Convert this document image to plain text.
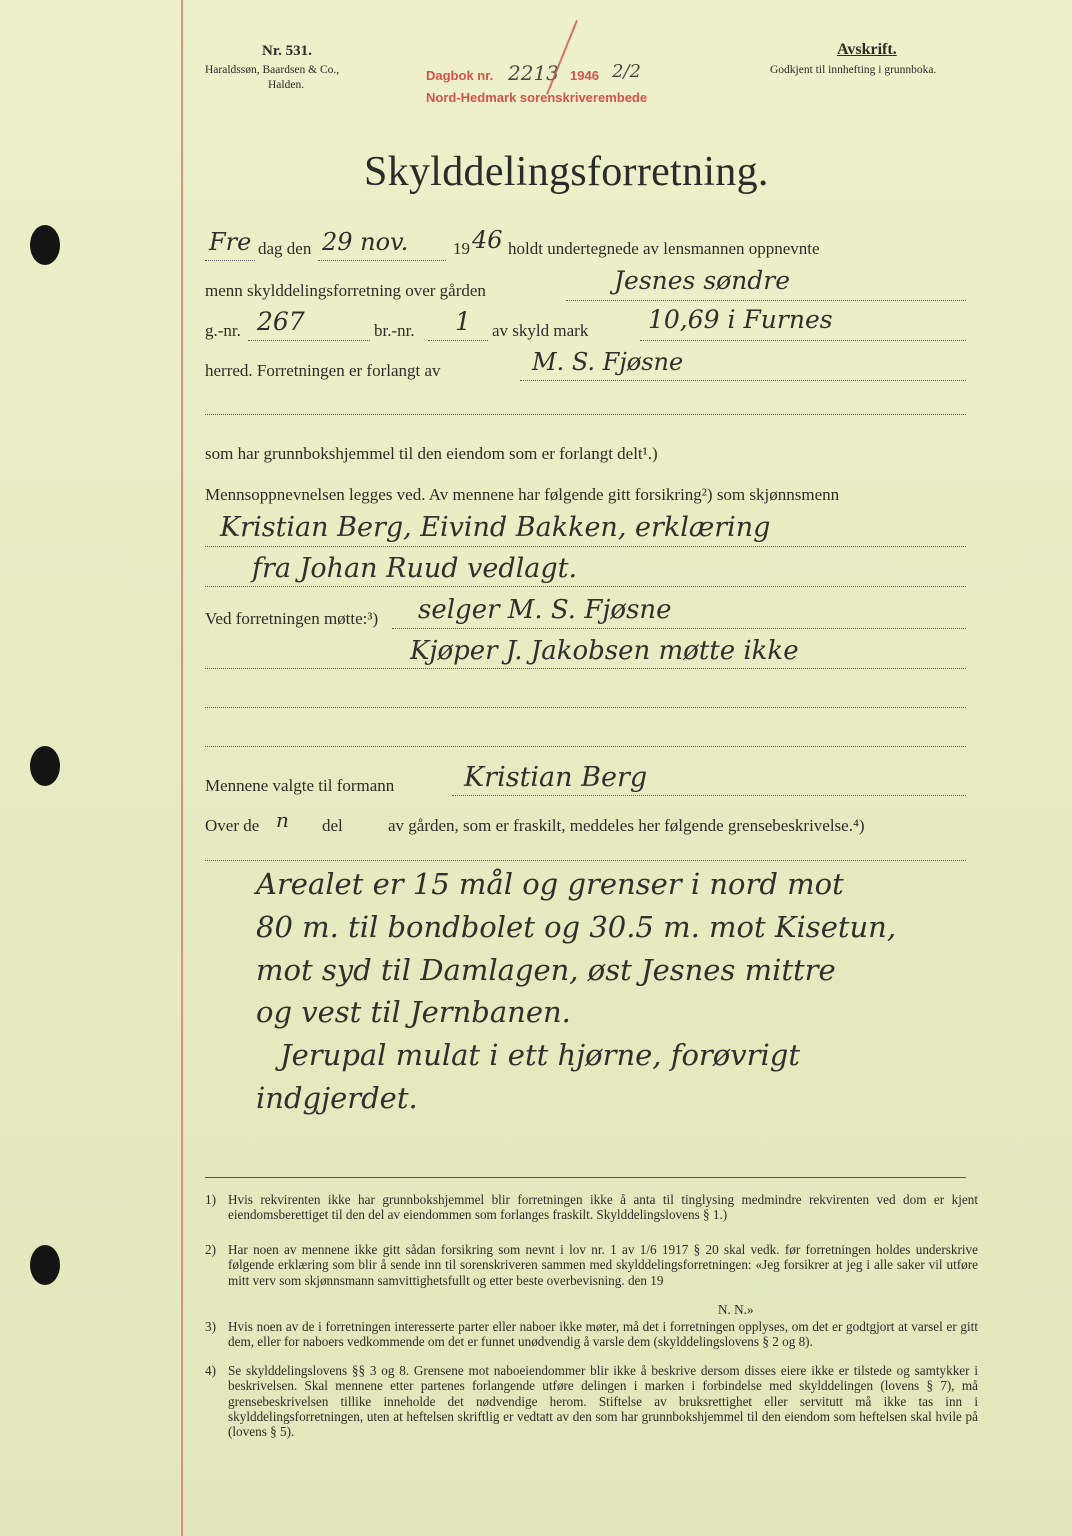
Nr. 531.
Haraldssøn, Baardsen & Co.,
Halden.
Dagbok nr. 2213 1946 2/2
Nord-Hedmark sorenskriverembede
Avskrift.
Godkjent til innhefting i grunnboka.
Skylddelingsforretning.
Fre dag den 29 nov.	19 46 holdt undertegnede av lensmannen oppnevnte
menn skylddelingsforretning over gården	Jesnes søndre
g.-nr. 267	br.-nr. 1 av skyld mark 10,69 i Furnes
herred. Forretningen er forlangt av	M. S. Fjøsne
som har grunnbokshjemmel til den eiendom som er forlangt delt¹.)
Mennsoppnevnelsen legges ved. Av mennene har følgende gitt forsikring²) som skjønnsmenn
Kristian Berg, Eivind Bakken, erklæring
fra Johan Ruud vedlagt.
Ved forretningen møtte:³) selger M. S. Fjøsne
Kjøper J. Jakobsen møtte ikke
Mennene valgte til formann	Kristian Berg
Over de n del	av gården, som er fraskilt, meddeles her følgende grensebeskrivelse.⁴)
Arealet er 15 mål og grenser i nord mot
80 m. til bondbolet og 30.5 m. mot Kisetun,
mot syd til Damlagen, øst Jesnes mittre
og vest til Jernbanen.
Jerupal mulat i ett hjørne, forøvrigt
indgjerdet.
1) Hvis rekvirenten ikke har grunnbokshjemmel blir forretningen ikke å anta til tinglysing medmindre rekvirenten ved dom er kjent eiendomsberettiget til den del av eiendommen som forlanges fraskilt. Skylddelingslovens § 1.)
2) Har noen av mennene ikke gitt sådan forsikring som nevnt i lov nr. 1 av 1/6 1917 § 20 skal vedk. før forretningen holdes underskrive følgende erklæring som blir å sende inn til sorenskriveren sammen med skylddelingsforretningen: «Jeg forsikrer at jeg i alle saker vil utføre mitt verv som skjønnsmann samvittighetsfullt og etter beste overbevisning. den 19
N. N.»
3) Hvis noen av de i forretningen interesserte parter eller naboer ikke møter, må det i forretningen opplyses, om det er godtgjort at varsel er gitt dem, eller for naboers vedkommende om det er funnet unødvendig å varsle dem (skylddelingslovens § 2 og 8).
4) Se skylddelingslovens §§ 3 og 8. Grensene mot naboeiendommer blir ikke å beskrive dersom disses eiere ikke er tilstede og samtykker i beskrivelsen. Skal mennene etter partenes forlangende utføre delingen i marken i forbindelse med skylddelingen (lovens § 7), må grensebeskrivelsen tillike inneholde det nødvendige herom. Stiftelse av bruksrettighet eller servitutt må ikke tas inn i skylddelingsforretningen, uten at heftelsen skriftlig er vedtatt av den som har grunnbokshjemmel til den eiendom som heftelsen skal hvile på (lovens § 5).
